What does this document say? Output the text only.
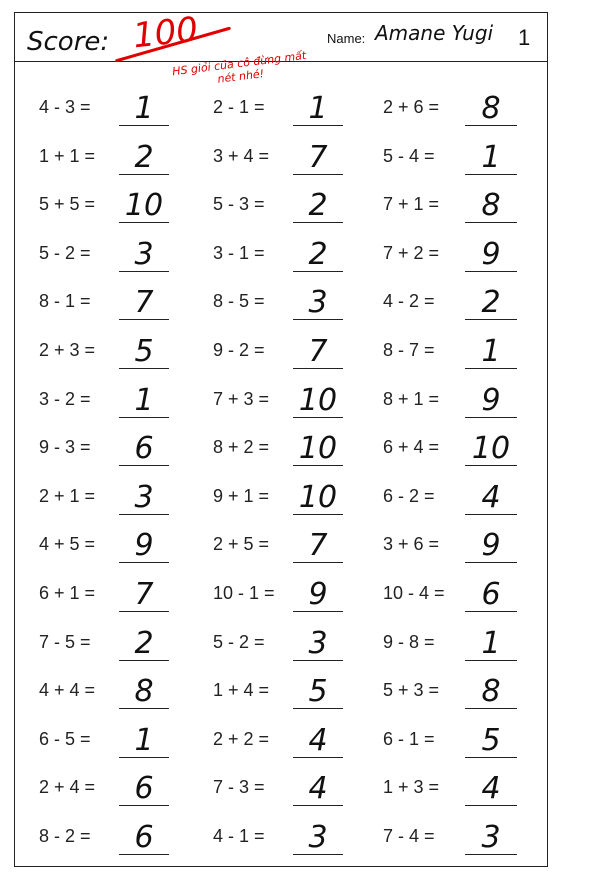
Score: 100	Name: Amane Yugi 1
HS giỏi của cô đừng mất nét nhé!
4 - 3 =	1	2 - 1 =	1	2 + 6 =	8
1 + 1 =	2	3 + 4 =	7	5 - 4 =	1
5 + 5 = 10	5 - 3 =	2	7 + 1 =	8
5 - 2 =	3	3 - 1 =	2	7 + 2 =	9
8 - 1 =	7	8 - 5 =	3	4 - 2 =	2
2 + 3 =	5	9 - 2 =	7	8 - 7 =	1
3 - 2 =	1	7 + 3 = 10	8 + 1 =	9
9 - 3 =	6	8 + 2 = 10	6 + 4 = 10
2 + 1 =	3	9 + 1 = 10	6 - 2 =	4
4 + 5 =	9	2 + 5 =	7	3 + 6 =	9
6 + 1 =	7	10 - 1 =	9	10 - 4 =	6
7 - 5 =	2	5 - 2 =	3	9 - 8 =	1
4 + 4 =	8	1 + 4 =	5	5 + 3 =	8
6 - 5 =	1	2 + 2 =	4	6 - 1 =	5
2 + 4 =	6	7 - 3 =	4	1 + 3 =	4
8 - 2 =	6	4 - 1 =	3	7 - 4 =	3
